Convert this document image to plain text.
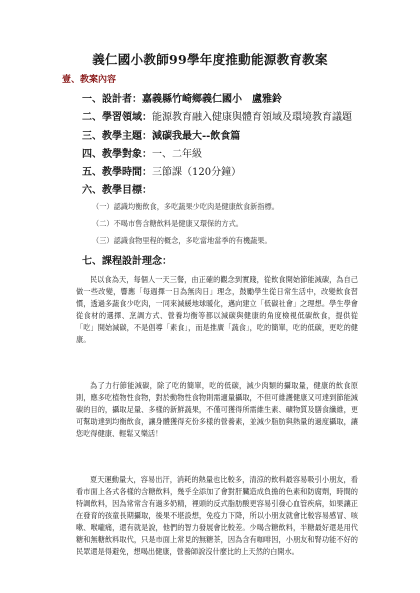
義仁國小教師99學年度推動能源教育教案
壹、教案內容
一、設計者：嘉義縣竹崎鄉義仁國小　盧雅鈴
二、學習領域：能源教育融入健康與體育領域及環境教育議題
三、教學主題：減碳我最大--飲食篇
四、教學對象：一、二年級
五、教學時間：三節課（120分鐘）
六、教學目標：
（一）認識均衡飲食，多吃蔬果少吃肉是健康飲食新指標。
（二）不喝市售含糖飲料是健康又環保的方式。
（三）認識食物里程的概念，多吃當地當季的有機蔬果。
七、課程設計理念：
民以食為天，每個人一天三餐，由正確的觀念到實踐，從飲食開始節能減碳，為自己做一些改變，響應「每週擇一日為無肉日」理念，鼓勵學生從日常生活中，改變飲食習慣，透過多蔬食少吃肉，一同來減緩地球暖化，邁向建立「低碳社會」之理想。學生學會從食材的選擇、烹調方式、營養均衡等都以減碳與健康的角度檢視低碳飲食，提供從「吃」開始減碳，不是倡導「素食」，而是推廣「蔬食」，吃的簡單，吃的低碳，更吃的健康。
為了力行節能減碳，除了吃的簡單，吃的低碳，減少肉類的攝取量，健康的飲食原則，應多吃植物性食物，對於動物性食物則需適量攝取，不但可維護健康又可達到節能減碳的目的，攝取足量、多樣的新鮮蔬果，不僅可獲得所需維生素、礦物質及膳食纖維，更可幫助達到均衡飲食，讓身體獲得充份多樣的營養素，並減少脂肪與熱量的過度攝取，讓您吃得健康、輕鬆又樂活！
夏天運動量大，容易出汗，消耗的熱量也比較多，清涼的飲料最容易吸引小朋友，看看市面上各式各樣的含糖飲料，幾乎全添加了會對肝臟造成負擔的色素和防腐劑，時間的特調飲料，因為常常含有過多奶精，裡頭的反式脂肪酸更容易引發心血管疾病，如果讓正在發育的孩童長期攝取，後果不堪設想，免疫力下降，所以小朋友就會比較容易感冒、咳嗽、喉嚨痛，還有就是說，他們的智力發展會比較差。少喝含糖飲料，半糖最好還是用代糖和無糖飲料取代，只是市面上常見的無糖茶，因為含有咖啡因，小朋友和腎功能不好的民眾還是得避免，想喝出健康，營養師說沒什麼比的上天然的白開水。
